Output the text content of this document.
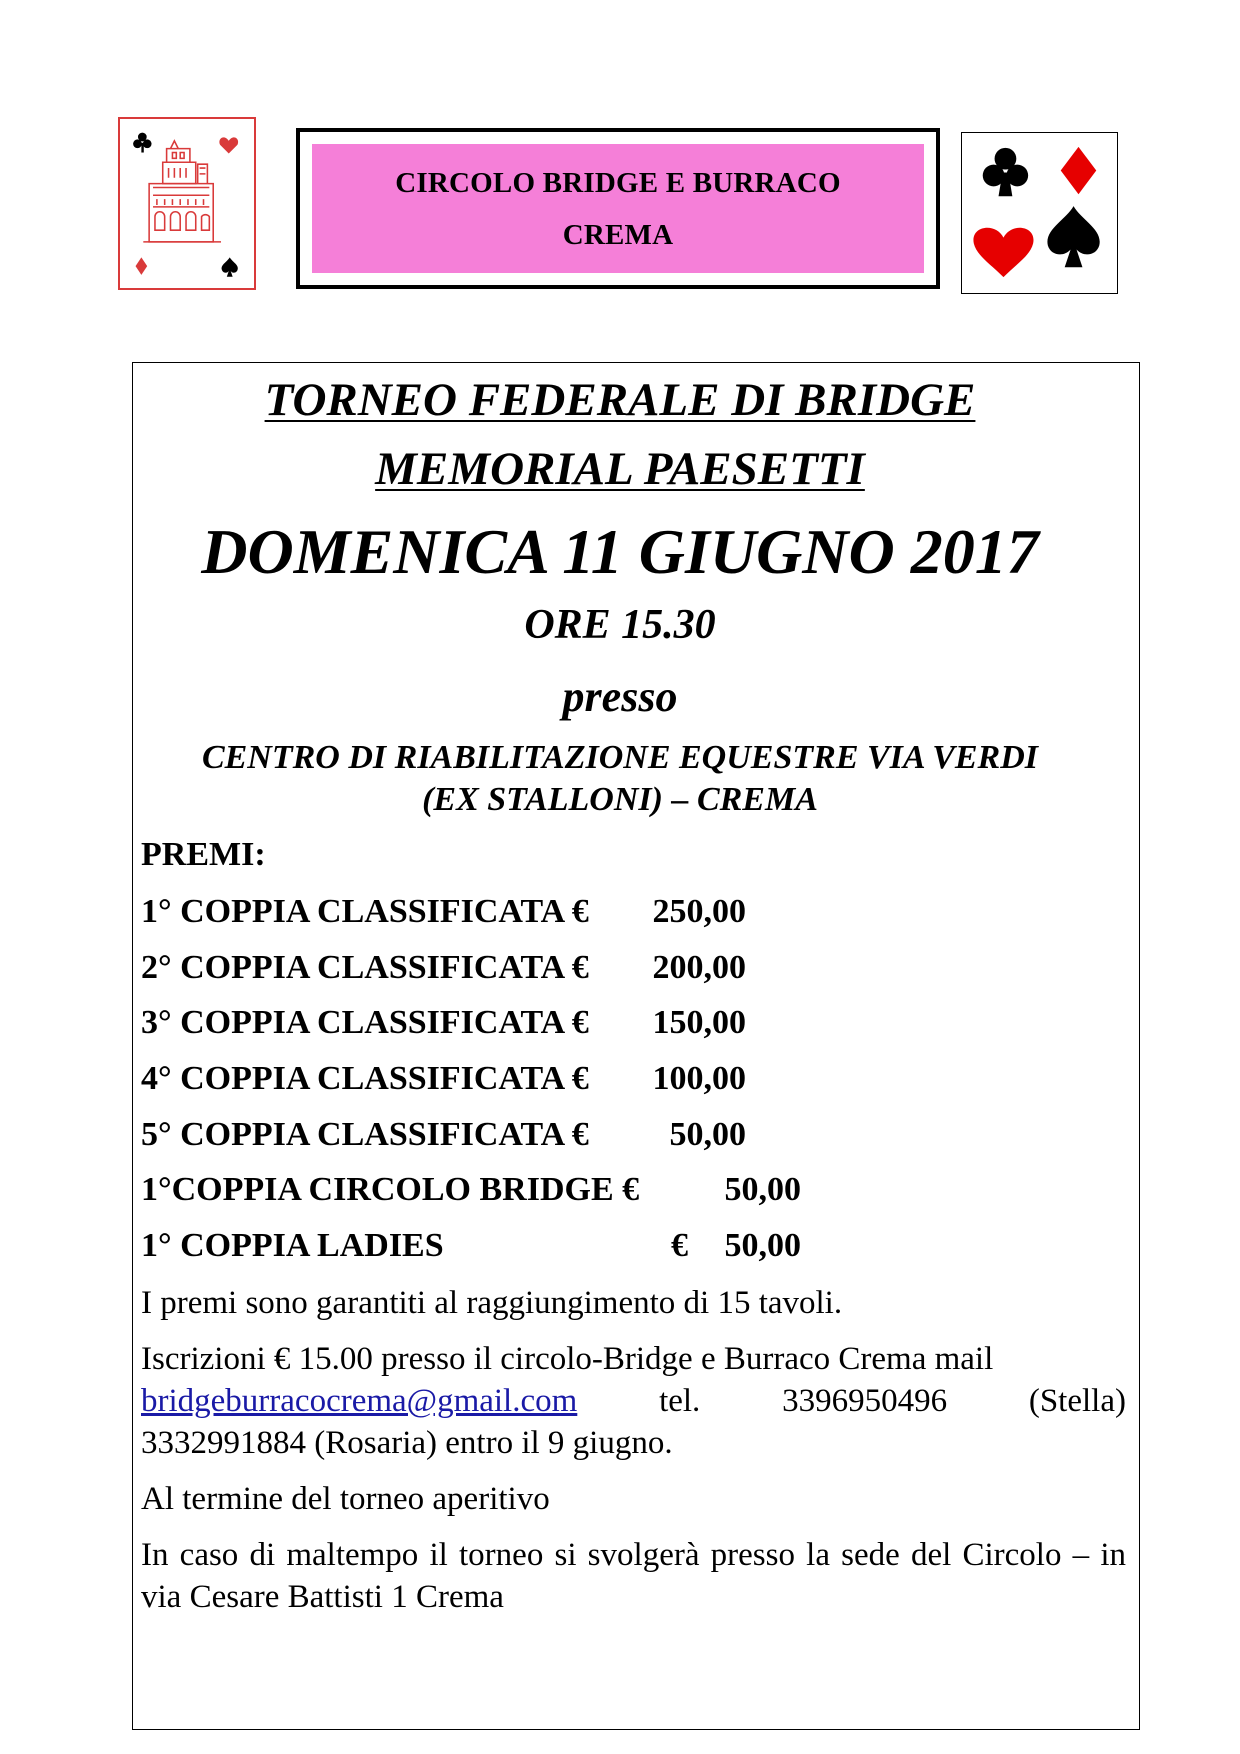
CIRCOLO BRIDGE E BURRACO
CREMA
TORNEO FEDERALE DI BRIDGE
MEMORIAL PAESETTI
DOMENICA 11 GIUGNO 2017
ORE 15.30
presso
CENTRO DI RIABILITAZIONE EQUESTRE VIA VERDI
(EX STALLONI) – CREMA
PREMI:
1° COPPIA CLASSIFICATA € 250,00
2° COPPIA CLASSIFICATA € 200,00
3° COPPIA CLASSIFICATA € 150,00
4° COPPIA CLASSIFICATA € 100,00
5° COPPIA CLASSIFICATA € 50,00
1°COPPIA CIRCOLO BRIDGE €	50,00
1° COPPIA LADIES	€ 50,00
I premi sono garantiti al raggiungimento di 15 tavoli.
Iscrizioni € 15.00 presso il circolo-Bridge e Burraco Crema mail
bridgeburracocrema@gmail.com tel. 3396950496 (Stella)
3332991884 (Rosaria) entro il 9 giugno.
Al termine del torneo aperitivo
In caso di maltempo il torneo si svolgerà presso la sede del Circolo – in via Cesare Battisti 1 Crema
